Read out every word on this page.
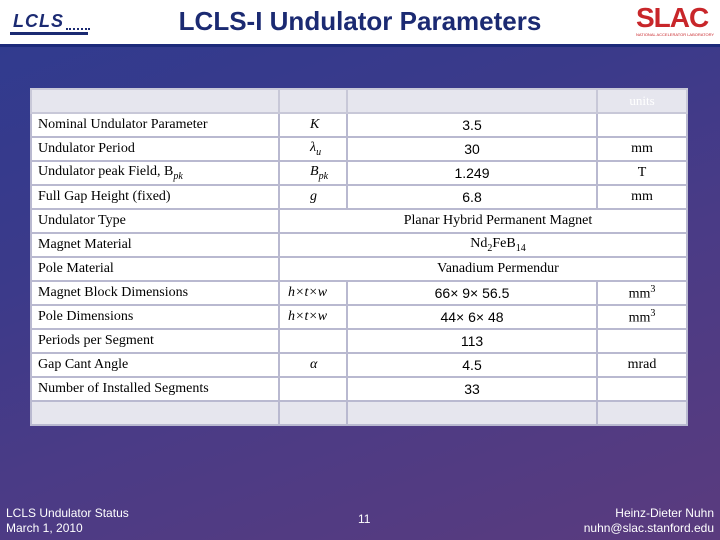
LCLS	LCLS-I Undulator Parameters	SLAC
NATIONAL ACCELERATOR LABORATORY
			units
Nominal Undulator Parameter	K	3.5	
Undulator Period	$\lambda_u$	30	mm
Undulator peak Field, $B_{pk}$	$B_{pk}$	1.249	T
Full Gap Height (fixed)	g	6.8	mm
Undulator Type	Planar Hybrid Permanent Magnet		
Magnet Material	$Nd_2FeB_{14}$
Pole Material	Vanadium Permendur		
Magnet Block Dimensions	h×t×w	66× 9× 56.5	$mm^3$
Pole Dimensions	h×t×w	44× 6× 48	$mm^3$
Periods per Segment		113	
Gap Cant Angle	α	4.5	mrad
Number of Installed Segments		33	

LCLS Undulator Status
March 1, 2010
11	Heinz-Dieter Nuhn
nuhn@slac.stanford.edu
